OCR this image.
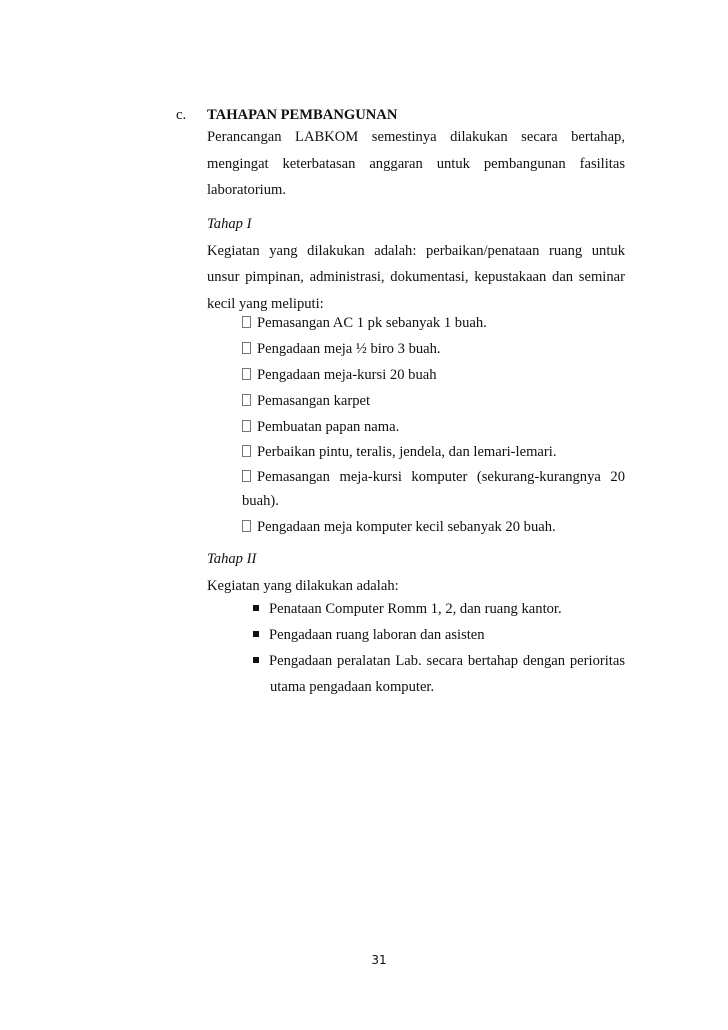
c. TAHAPAN PEMBANGUNAN
Perancangan LABKOM semestinya dilakukan secara bertahap,
mengingat keterbatasan anggaran untuk pembangunan fasilitas
laboratorium.
Tahap I
Kegiatan yang dilakukan adalah: perbaikan/penataan ruang untuk
unsur pimpinan, administrasi, dokumentasi, kepustakaan dan seminar
kecil yang meliputi:
Pemasangan AC 1 pk sebanyak 1 buah.
Pengadaan meja ½ biro 3 buah.
Pengadaan meja-kursi 20 buah
Pemasangan karpet
Pembuatan papan nama.
Perbaikan pintu, teralis, jendela, dan lemari-lemari.
Pemasangan meja-kursi komputer (sekurang-kurangnya 20
buah).
Pengadaan meja komputer kecil sebanyak 20 buah.
Tahap II
Kegiatan yang dilakukan adalah:
Penataan Computer Romm 1, 2, dan ruang kantor.
Pengadaan ruang laboran dan asisten
Pengadaan peralatan Lab. secara bertahap dengan perioritas
utama pengadaan komputer.
31
